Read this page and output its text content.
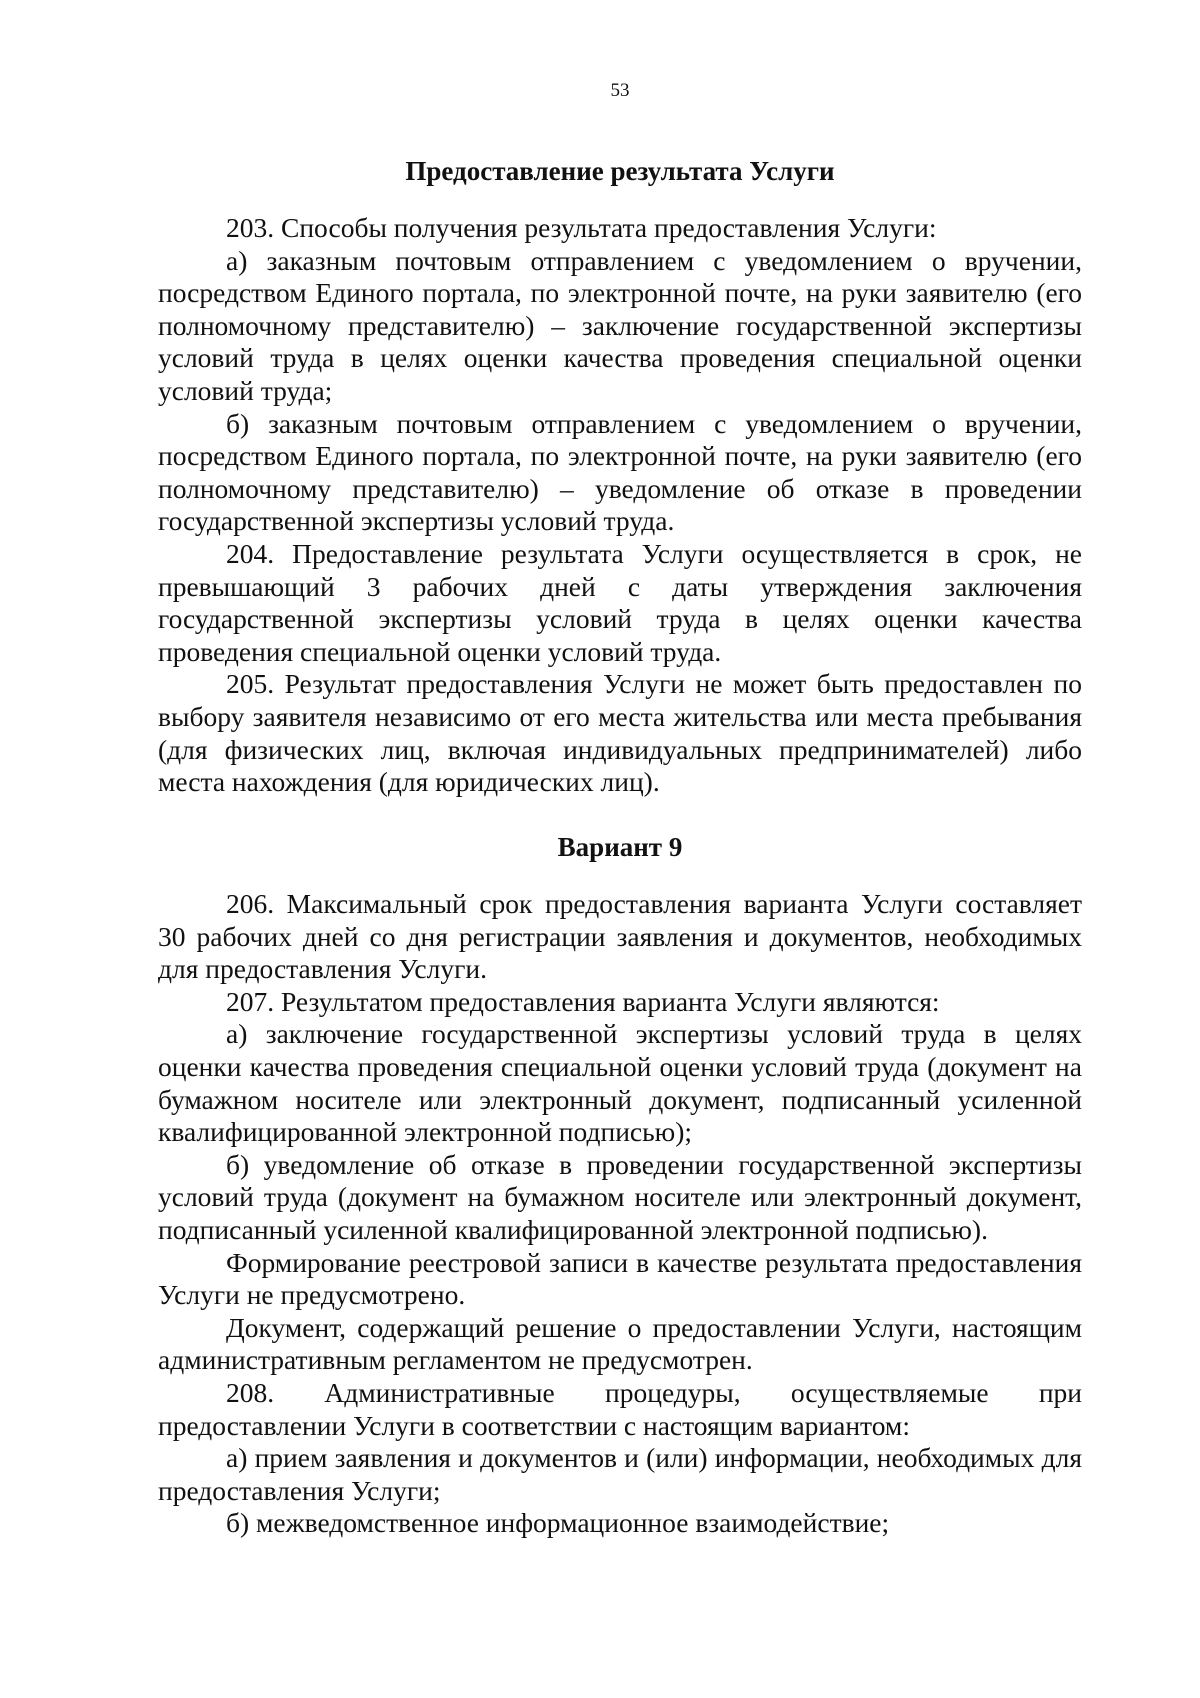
53
Предоставление результата Услуги

203. Способы получения результата предоставления Услуги:

а) заказным почтовым отправлением с уведомлением о вручении, посредством Единого портала, по электронной почте, на руки заявителю (его полномочному представителю) – заключение государственной экспертизы условий труда в целях оценки качества проведения специальной оценки условий труда;

б) заказным почтовым отправлением с уведомлением о вручении, посредством Единого портала, по электронной почте, на руки заявителю (его полномочному представителю) – уведомление об отказе в проведении государственной экспертизы условий труда.

204. Предоставление результата Услуги осуществляется в срок, не превышающий 3 рабочих дней с даты утверждения заключения государственной экспертизы условий труда в целях оценки качества проведения специальной оценки условий труда.

205. Результат предоставления Услуги не может быть предоставлен по выбору заявителя независимо от его места жительства или места пребывания (для физических лиц, включая индивидуальных предпринимателей) либо места нахождения (для юридических лиц).

Вариант 9

206. Максимальный срок предоставления варианта Услуги составляет 30 рабочих дней со дня регистрации заявления и документов, необходимых для предоставления Услуги.

207. Результатом предоставления варианта Услуги являются:

а) заключение государственной экспертизы условий труда в целях оценки качества проведения специальной оценки условий труда (документ на бумажном носителе или электронный документ, подписанный усиленной квалифицированной электронной подписью);

б) уведомление об отказе в проведении государственной экспертизы условий труда (документ на бумажном носителе или электронный документ, подписанный усиленной квалифицированной электронной подписью).

Формирование реестровой записи в качестве результата предоставления Услуги не предусмотрено.

Документ, содержащий решение о предоставлении Услуги, настоящим административным регламентом не предусмотрен.

208. Административные процедуры, осуществляемые при предоставлении Услуги в соответствии с настоящим вариантом:

а) прием заявления и документов и (или) информации, необходимых для предоставления Услуги;

б) межведомственное информационное взаимодействие;
